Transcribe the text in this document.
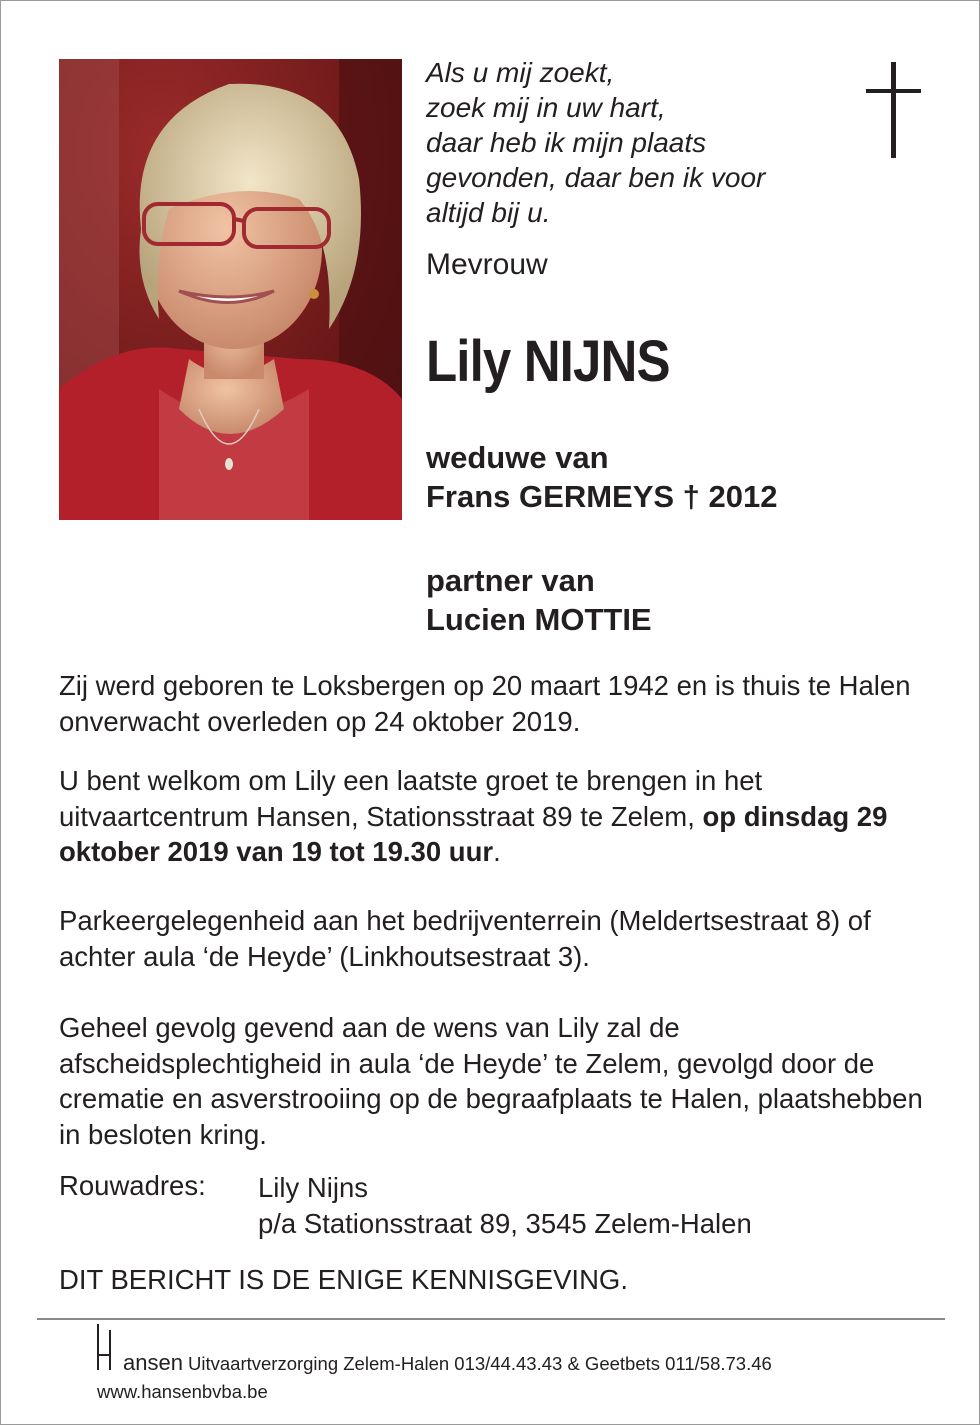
Als u mij zoekt,
zoek mij in uw hart,
daar heb ik mijn plaats
gevonden, daar ben ik voor
altijd bij u.
Mevrouw
Lily NIJNS
weduwe van
Frans GERMEYS † 2012
partner van
Lucien MOTTIE
Zij werd geboren te Loksbergen op 20 maart 1942 en is thuis te Halen onverwacht overleden op 24 oktober 2019.
U bent welkom om Lily een laatste groet te brengen in het uitvaartcentrum Hansen, Stationsstraat 89 te Zelem, op dinsdag 29 oktober 2019 van 19 tot 19.30 uur.
Parkeergelegenheid aan het bedrijventerrein (Meldertsestraat 8) of achter aula ‘de Heyde’ (Linkhoutsestraat 3).
Geheel gevolg gevend aan de wens van Lily zal de afscheidsplechtigheid in aula ‘de Heyde’ te Zelem, gevolgd door de crematie en asverstrooiing op de begraafplaats te Halen, plaatshebben in besloten kring.
Rouwadres: Lily Nijns
p/a Stationsstraat 89, 3545 Zelem-Halen
DIT BERICHT IS DE ENIGE KENNISGEVING.
ansen Uitvaartverzorging Zelem-Halen 013/44.43.43 & Geetbets 011/58.73.46
www.hansenbvba.be
